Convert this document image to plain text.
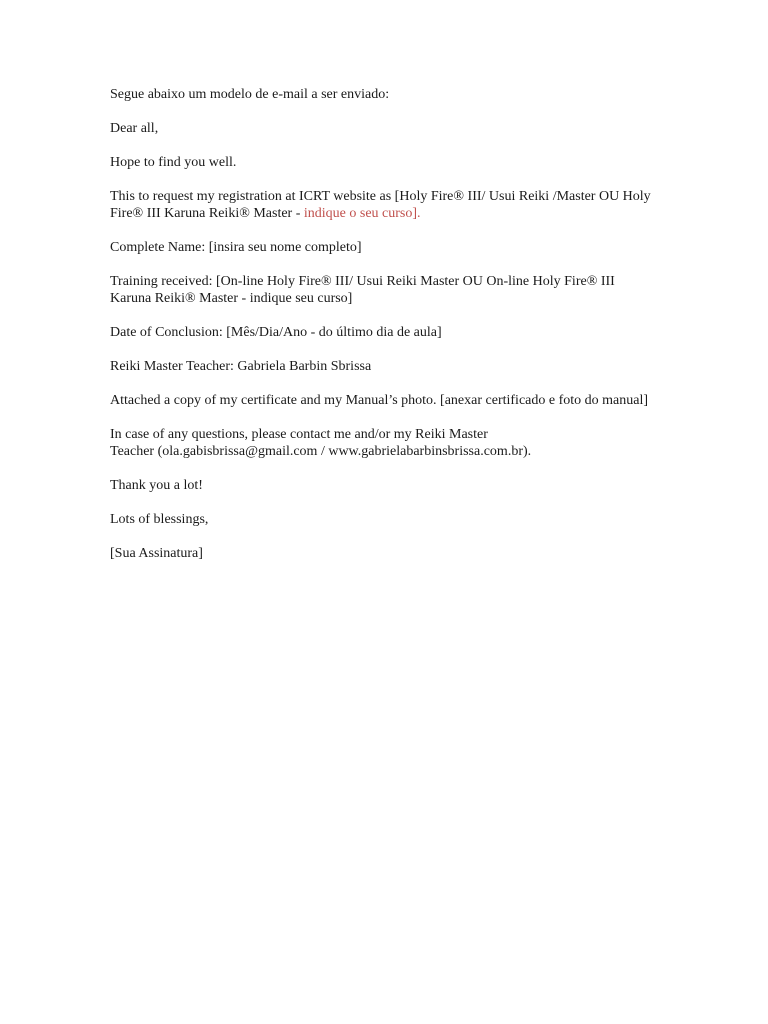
Segue abaixo um modelo de e-mail a ser enviado:

Dear all,

Hope to find you well.

This to request my registration at ICRT website as [Holy Fire® III/ Usui Reiki /Master OU Holy Fire® III Karuna Reiki® Master - indique o seu curso].

Complete Name: [insira seu nome completo]

Training received: [On-line Holy Fire® III/ Usui Reiki Master OU On-line Holy Fire® III Karuna Reiki® Master - indique seu curso]

Date of Conclusion: [Mês/Dia/Ano - do último dia de aula]

Reiki Master Teacher: Gabriela Barbin Sbrissa

Attached a copy of my certificate and my Manual’s photo. [anexar certificado e foto do manual]

In case of any questions, please contact me and/or my Reiki Master
Teacher (ola.gabisbrissa@gmail.com / www.gabrielabarbinsbrissa.com.br).

Thank you a lot!

Lots of blessings,

[Sua Assinatura]
